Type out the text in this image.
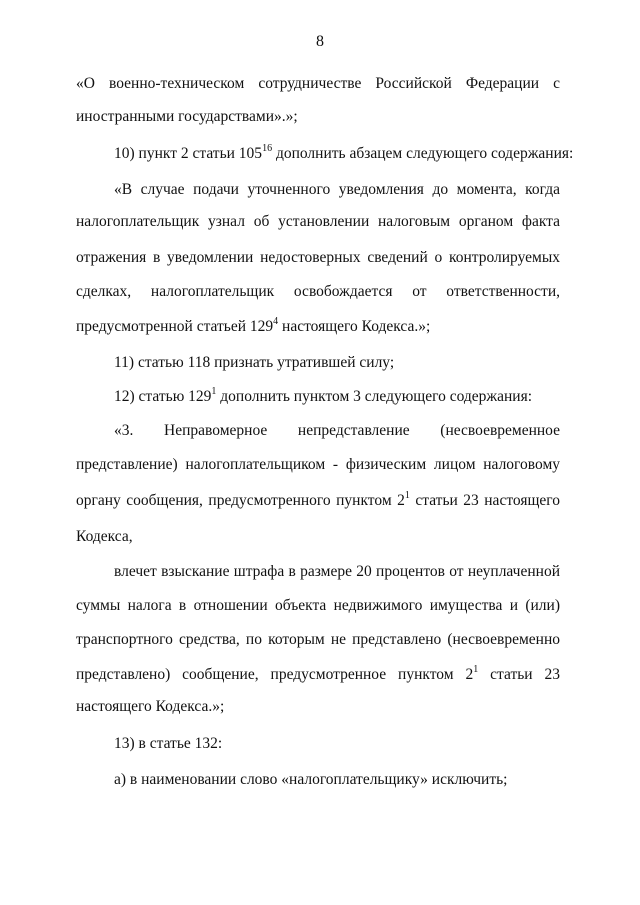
8
«О военно-техническом сотрудничестве Российской Федерации с
иностранными государствами».»;
10) пункт 2 статьи $105^{16}$ дополнить абзацем следующего содержания:
«В случае подачи уточненного уведомления до момента, когда
налогоплательщик узнал об установлении налоговым органом факта
отражения в уведомлении недостоверных сведений о контролируемых
сделках, налогоплательщик освобождается от ответственности,
предусмотренной статьей $129^4$ настоящего Кодекса.»;
11) статью 118 признать утратившей силу;
12) статью $129^1$ дополнить пунктом 3 следующего содержания:
«3. Неправомерное непредставление (несвоевременное
представление) налогоплательщиком - физическим лицом налоговому
органу сообщения, предусмотренного пунктом $2^1$ статьи 23 настоящего
Кодекса,
влечет взыскание штрафа в размере 20 процентов от неуплаченной
суммы налога в отношении объекта недвижимого имущества и (или)
транспортного средства, по которым не представлено (несвоевременно
представлено) сообщение, предусмотренное пунктом $2^1$ статьи 23
настоящего Кодекса.»;
13) в статье 132:
а) в наименовании слово «налогоплательщику» исключить;
